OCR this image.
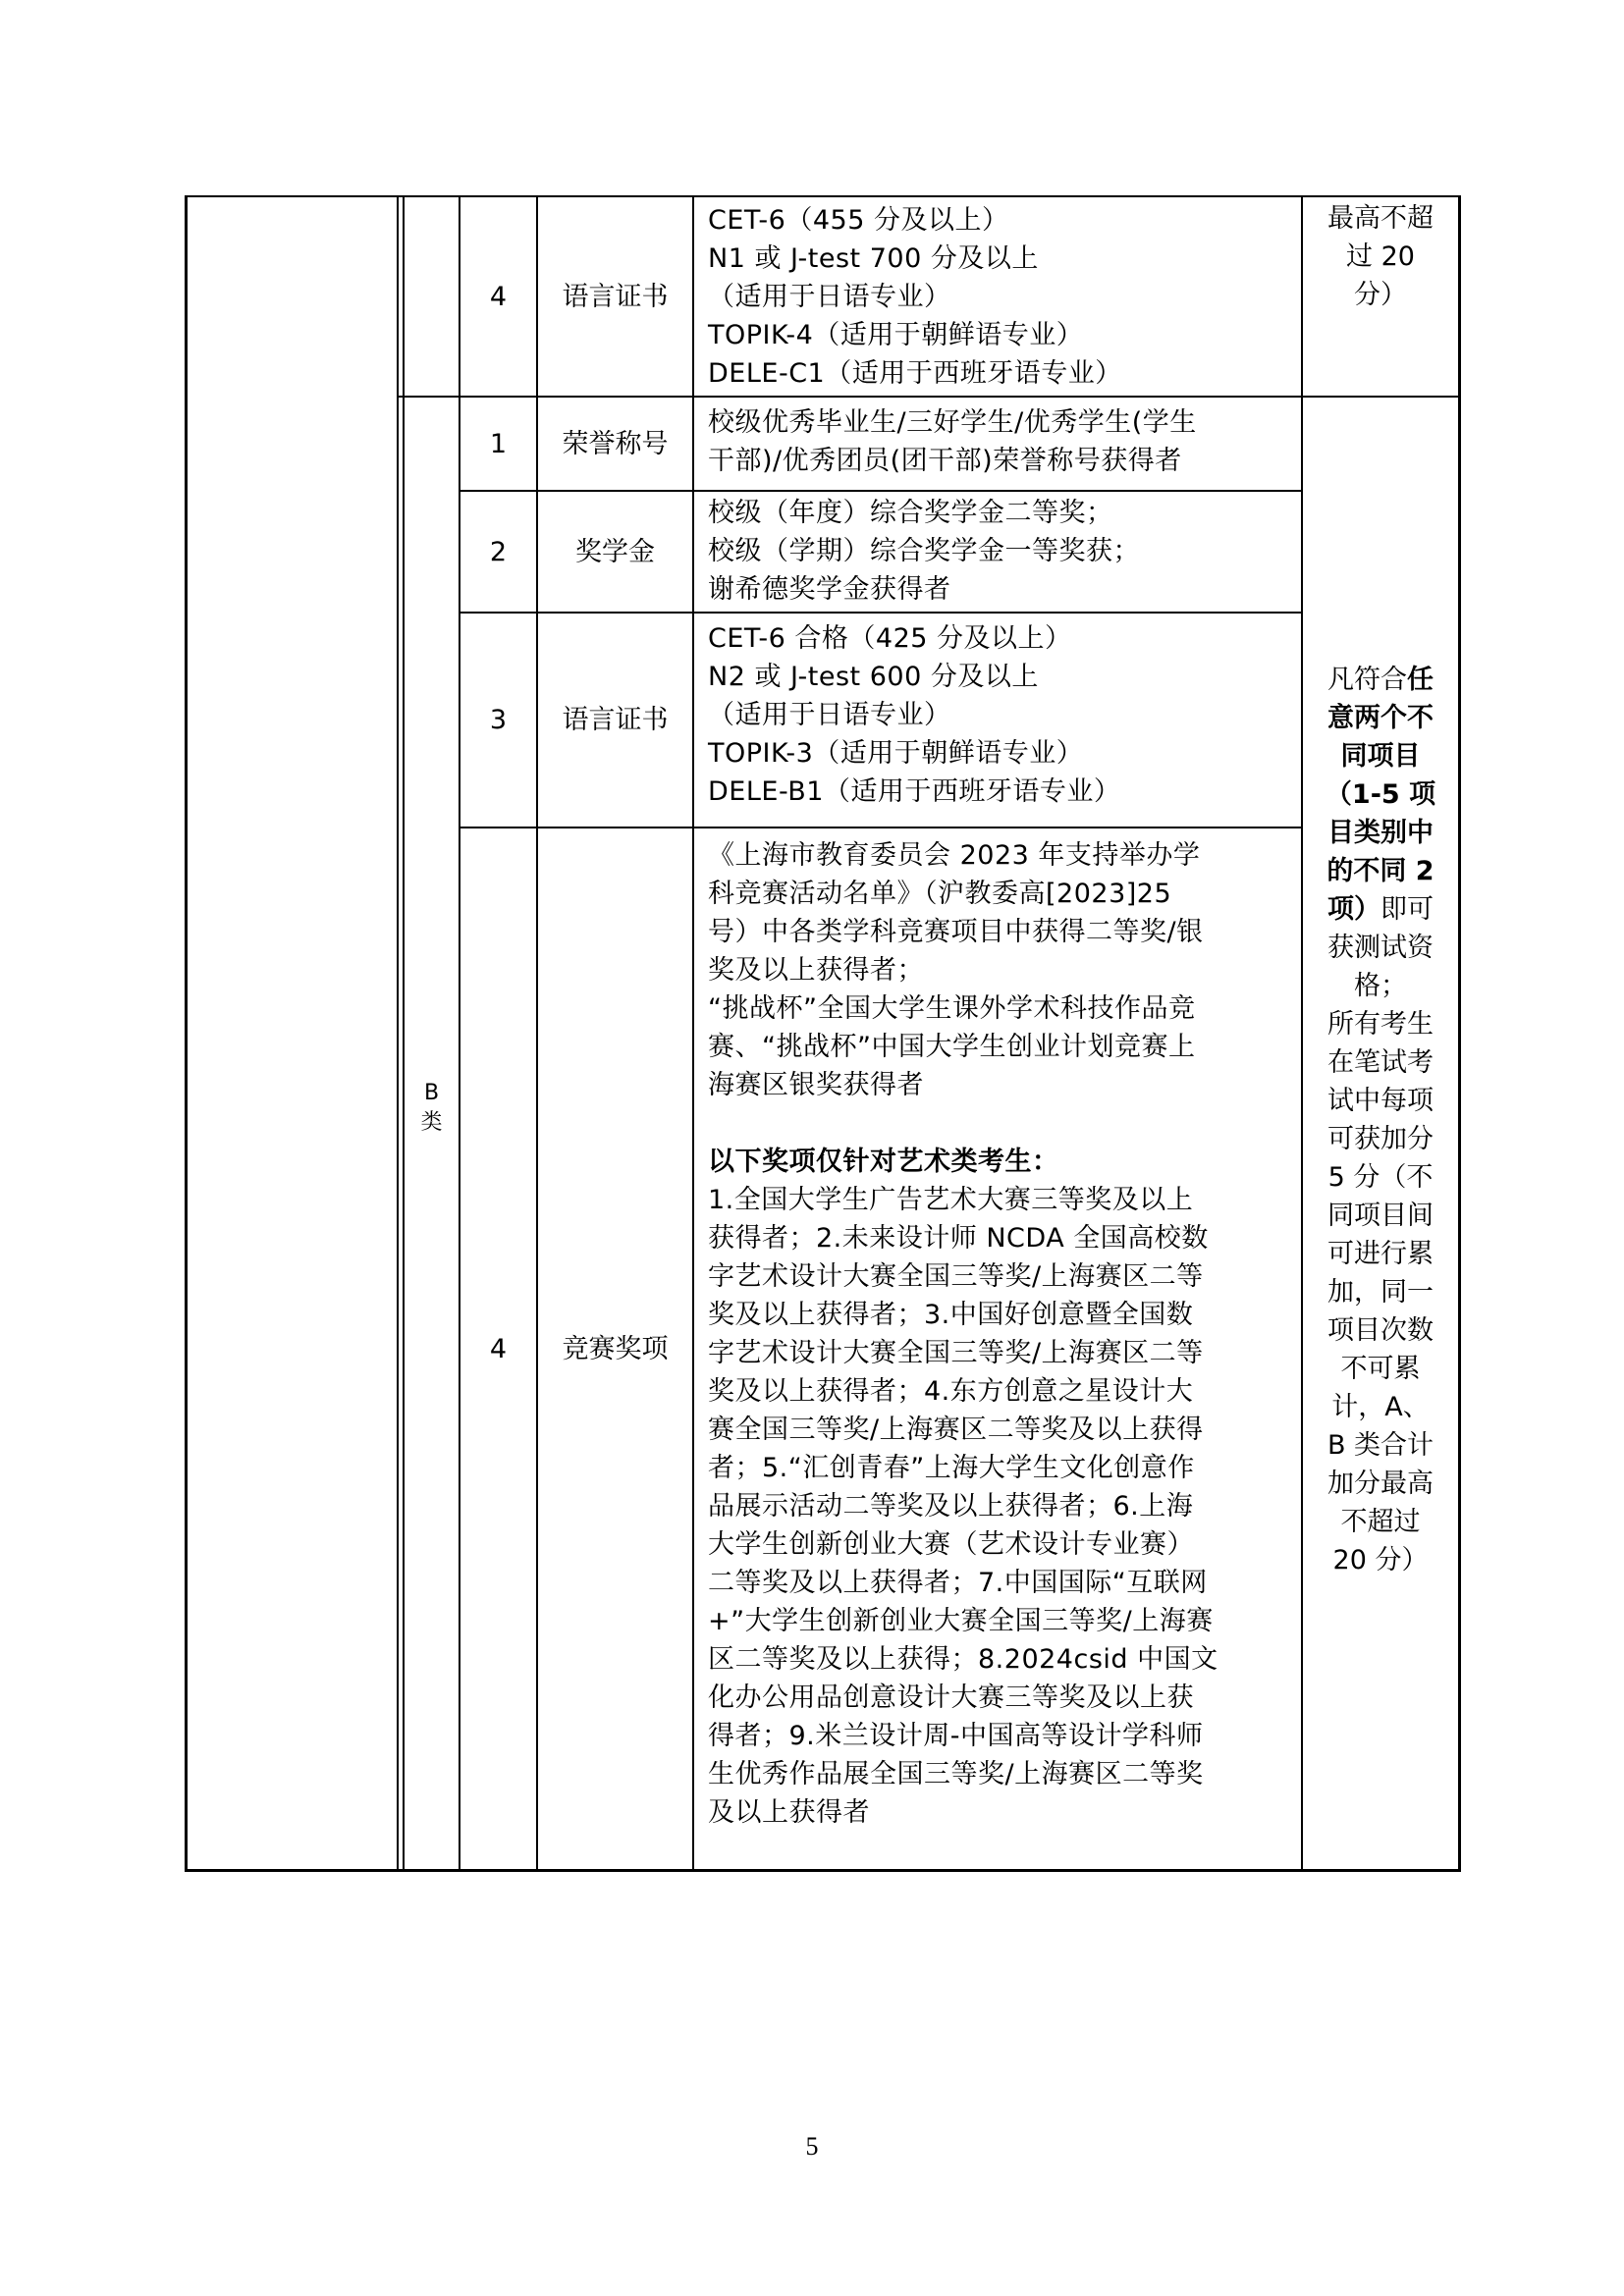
4 语言证书
CET-6（455 分及以上）
N1 或 J-test 700 分及以上
（适用于日语专业）
TOPIK-4（适用于朝鲜语专业）
DELE-C1（适用于西班牙语专业）
最高不超
过 20
分）
B
类
1 荣誉称号
校级优秀毕业生/三好学生/优秀学生(学生
干部)/优秀团员(团干部)荣誉称号获得者
2	奖学金
校级（年度）综合奖学金二等奖；
校级（学期）综合奖学金一等奖获；
谢希德奖学金获得者
3 语言证书
CET-6 合格（425 分及以上）
N2 或 J-test 600 分及以上
（适用于日语专业）
TOPIK-3（适用于朝鲜语专业）
DELE-B1（适用于西班牙语专业）
4 竞赛奖项
《上海市教育委员会 2023 年支持举办学
科竞赛活动名单》（沪教委高[2023]25
号）中各类学科竞赛项目中获得二等奖/银
奖及以上获得者；
“挑战杯”全国大学生课外学术科技作品竞
赛、“挑战杯”中国大学生创业计划竞赛上
海赛区银奖获得者
以下奖项仅针对艺术类考生：
1.全国大学生广告艺术大赛三等奖及以上
获得者；2.未来设计师 NCDA 全国高校数
字艺术设计大赛全国三等奖/上海赛区二等
奖及以上获得者；3.中国好创意暨全国数
字艺术设计大赛全国三等奖/上海赛区二等
奖及以上获得者；4.东方创意之星设计大
赛全国三等奖/上海赛区二等奖及以上获得
者；5.“汇创青春”上海大学生文化创意作
品展示活动二等奖及以上获得者；6.上海
大学生创新创业大赛（艺术设计专业赛）
二等奖及以上获得者；7.中国国际“互联网
+”大学生创新创业大赛全国三等奖/上海赛
区二等奖及以上获得；8.2024csid 中国文
化办公用品创意设计大赛三等奖及以上获
得者；9.米兰设计周-中国高等设计学科师
生优秀作品展全国三等奖/上海赛区二等奖
及以上获得者
凡符合任
意两个不
同项目
（1-5 项
目类别中
的不同 2
项）即可
获测试资
格；
所有考生
在笔试考
试中每项
可获加分
5 分（不
同项目间
可进行累
加，同一
项目次数
不可累
计，A、
B 类合计
加分最高
不超过
20 分）
5
